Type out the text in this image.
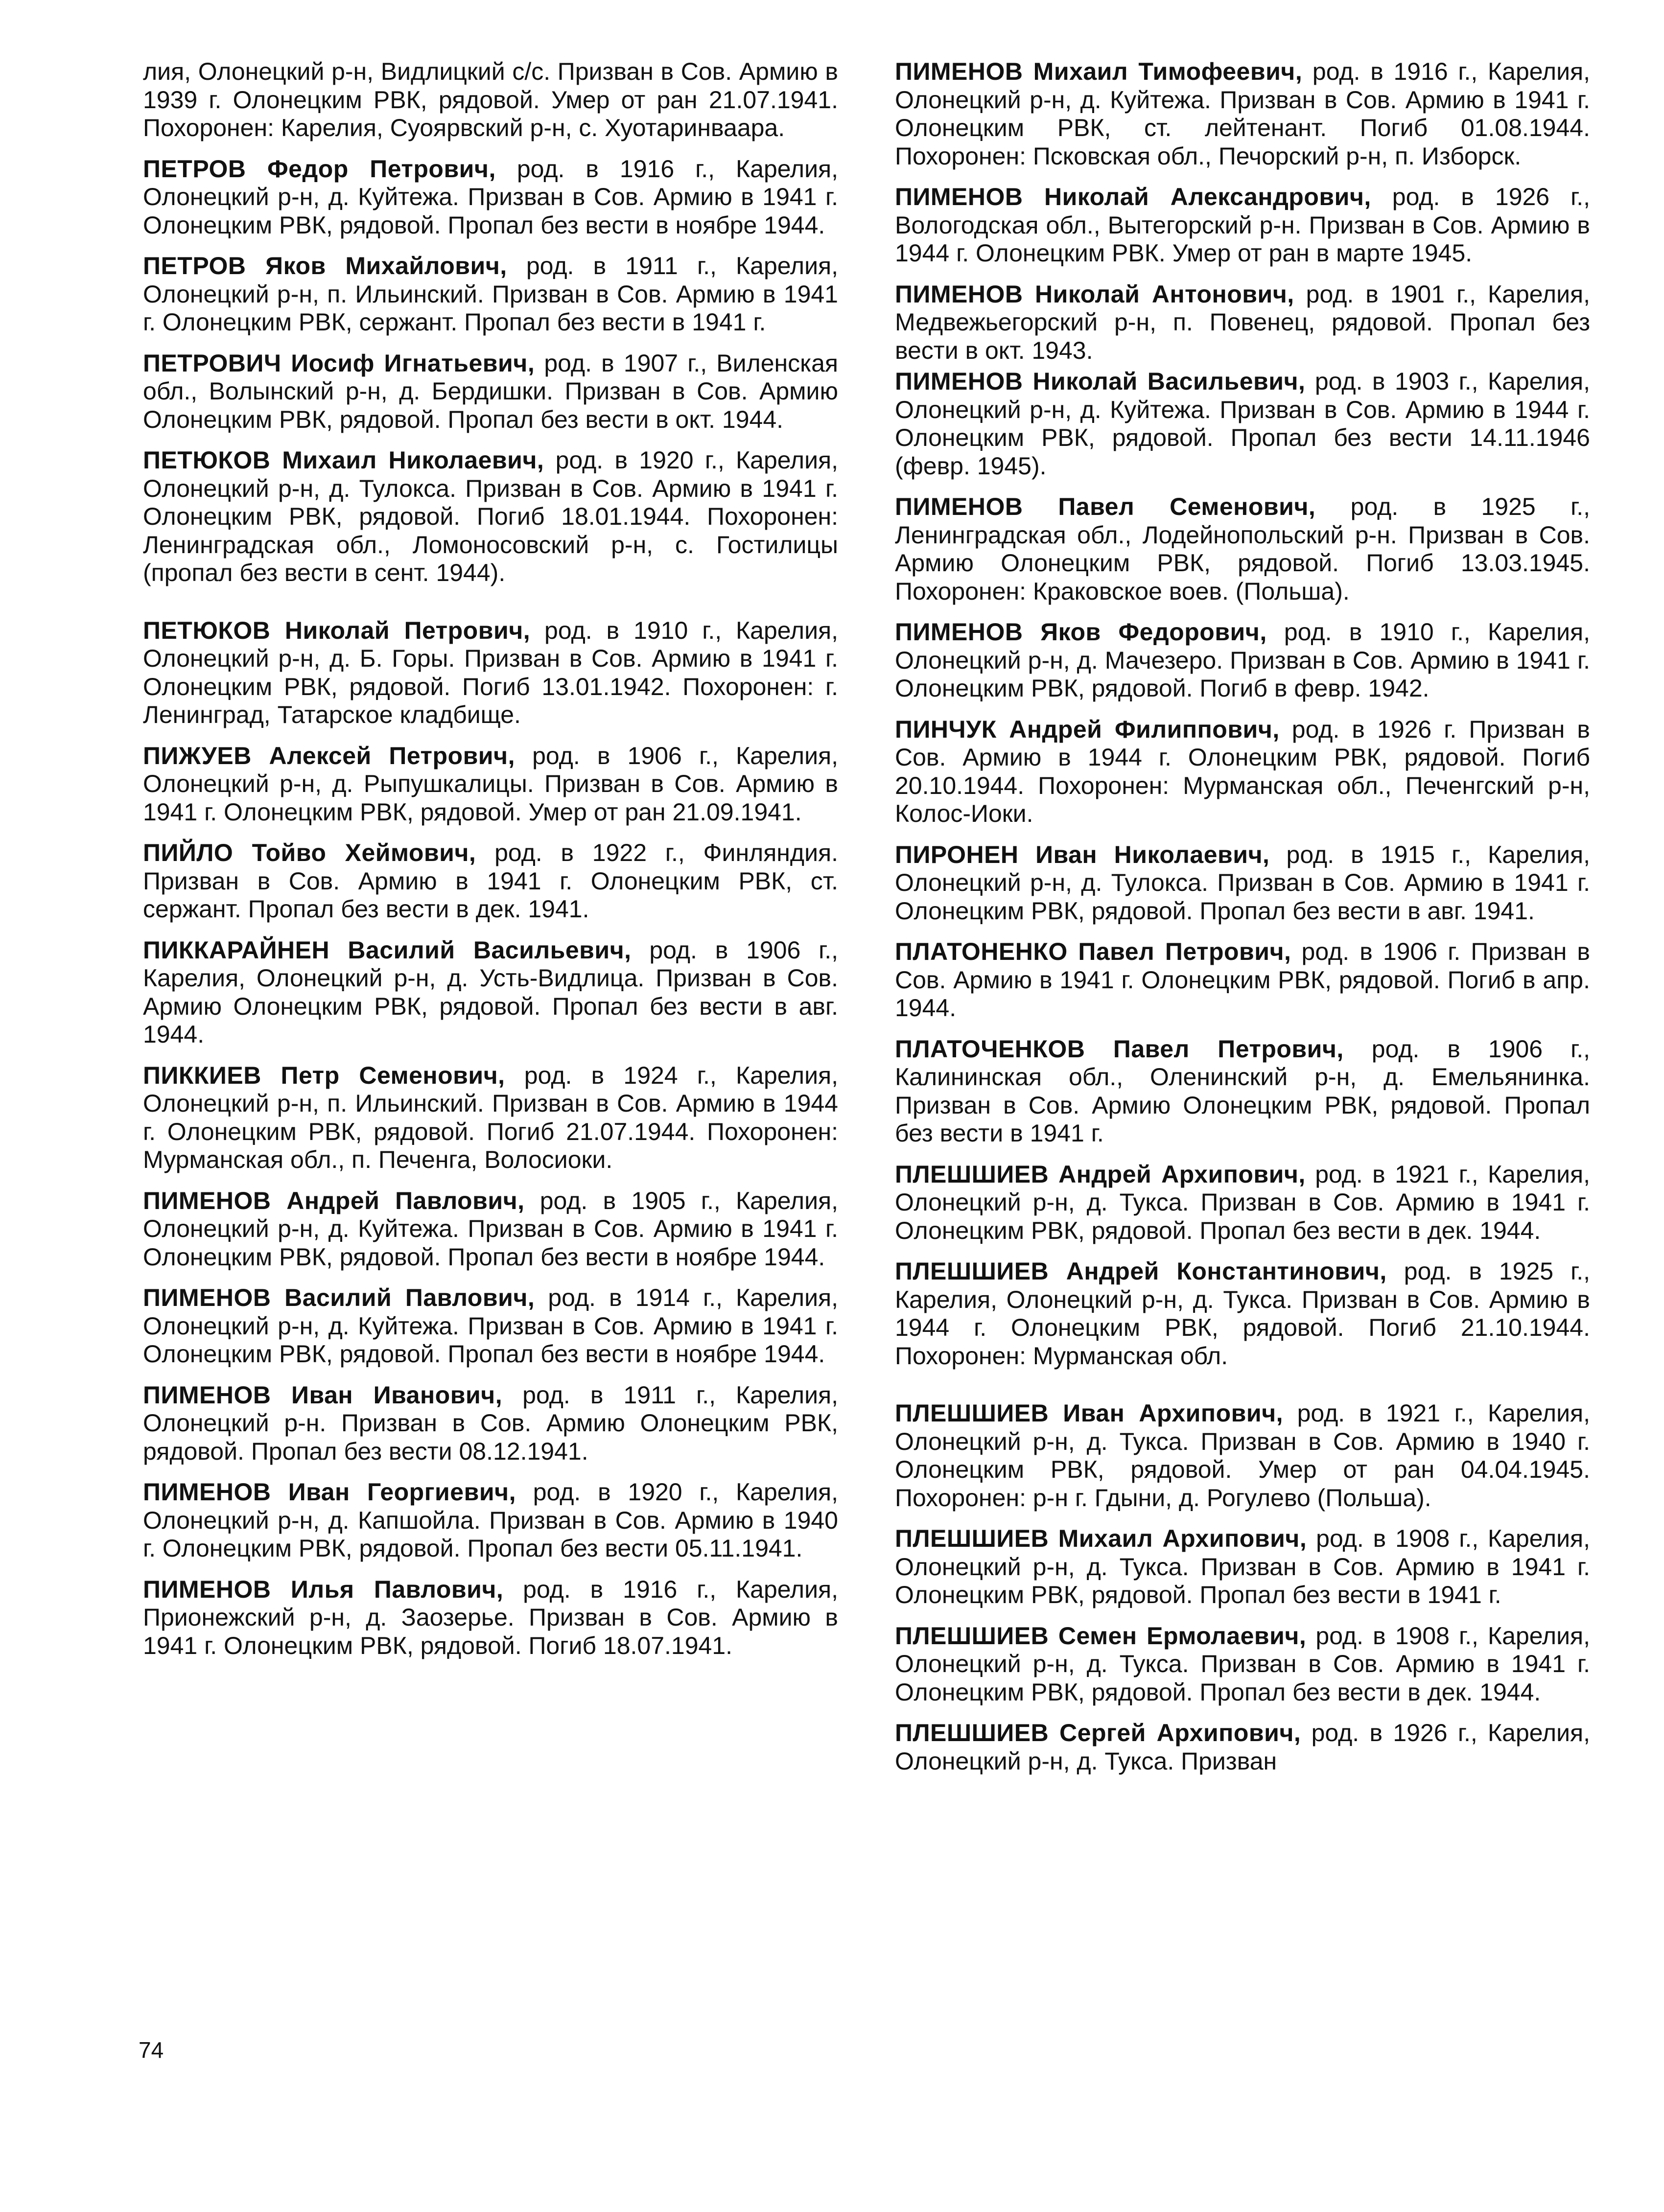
лия, Олонецкий р-н, Видлицкий с/с. Призван в Сов. Армию в 1939 г. Олонецким РВК, рядовой. Умер от ран 21.07.1941. Похоронен: Карелия, Суоярвский р-н, с. Хуотаринваара.

ПЕТРОВ Федор Петрович, род. в 1916 г., Карелия, Олонецкий р-н, д. Куйтежа. Призван в Сов. Армию в 1941 г. Олонецким РВК, рядовой. Пропал без вести в ноябре 1944.

ПЕТРОВ Яков Михайлович, род. в 1911 г., Карелия, Олонецкий р-н, п. Ильинский. Призван в Сов. Армию в 1941 г. Олонецким РВК, сержант. Пропал без вести в 1941 г.

ПЕТРОВИЧ Иосиф Игнатьевич, род. в 1907 г., Виленская обл., Волынский р-н, д. Бердишки. Призван в Сов. Армию Олонецким РВК, рядовой. Пропал без вести в окт. 1944.

ПЕТЮКОВ Михаил Николаевич, род. в 1920 г., Карелия, Олонецкий р-н, д. Тулокса. Призван в Сов. Армию в 1941 г. Олонецким РВК, рядовой. Погиб 18.01.1944. Похоронен: Ленинградская обл., Ломоносовский р-н, с. Гостилицы (пропал без вести в сент. 1944).

ПЕТЮКОВ Николай Петрович, род. в 1910 г., Карелия, Олонецкий р-н, д. Б. Горы. Призван в Сов. Армию в 1941 г. Олонецким РВК, рядовой. Погиб 13.01.1942. Похоронен: г. Ленинград, Татарское кладбище.

ПИЖУЕВ Алексей Петрович, род. в 1906 г., Карелия, Олонецкий р-н, д. Рыпушкалицы. Призван в Сов. Армию в 1941 г. Олонецким РВК, рядовой. Умер от ран 21.09.1941.

ПИЙЛО Тойво Хеймович, род. в 1922 г., Финляндия. Призван в Сов. Армию в 1941 г. Олонецким РВК, ст. сержант. Пропал без вести в дек. 1941.

ПИККАРАЙНЕН Василий Васильевич, род. в 1906 г., Карелия, Олонецкий р-н, д. Усть-Видлица. Призван в Сов. Армию Олонецким РВК, рядовой. Пропал без вести в авг. 1944.

ПИККИЕВ Петр Семенович, род. в 1924 г., Карелия, Олонецкий р-н, п. Ильинский. Призван в Сов. Армию в 1944 г. Олонецким РВК, рядовой. Погиб 21.07.1944. Похоронен: Мурманская обл., п. Печенга, Волосиоки.

ПИМЕНОВ Андрей Павлович, род. в 1905 г., Карелия, Олонецкий р-н, д. Куйтежа. Призван в Сов. Армию в 1941 г. Олонецким РВК, рядовой. Пропал без вести в ноябре 1944.

ПИМЕНОВ Василий Павлович, род. в 1914 г., Карелия, Олонецкий р-н, д. Куйтежа. Призван в Сов. Армию в 1941 г. Олонецким РВК, рядовой. Пропал без вести в ноябре 1944.

ПИМЕНОВ Иван Иванович, род. в 1911 г., Карелия, Олонецкий р-н. Призван в Сов. Армию Олонецким РВК, рядовой. Пропал без вести 08.12.1941.

ПИМЕНОВ Иван Георгиевич, род. в 1920 г., Карелия, Олонецкий р-н, д. Капшойла. Призван в Сов. Армию в 1940 г. Олонецким РВК, рядовой. Пропал без вести 05.11.1941.

ПИМЕНОВ Илья Павлович, род. в 1916 г., Карелия, Прионежский р-н, д. Заозерье. Призван в Сов. Армию в 1941 г. Олонецким РВК, рядовой. Погиб 18.07.1941.

ПИМЕНОВ Михаил Тимофеевич, род. в 1916 г., Карелия, Олонецкий р-н, д. Куйтежа. Призван в Сов. Армию в 1941 г. Олонецким РВК, ст. лейтенант. Погиб 01.08.1944. Похоронен: Псковская обл., Печорский р-н, п. Изборск.

ПИМЕНОВ Николай Александрович, род. в 1926 г., Вологодская обл., Вытегорский р-н. Призван в Сов. Армию в 1944 г. Олонецким РВК. Умер от ран в марте 1945.

ПИМЕНОВ Николай Антонович, род. в 1901 г., Карелия, Медвежьегорский р-н, п. Повенец, рядовой. Пропал без вести в окт. 1943.

ПИМЕНОВ Николай Васильевич, род. в 1903 г., Карелия, Олонецкий р-н, д. Куйтежа. Призван в Сов. Армию в 1944 г. Олонецким РВК, рядовой. Пропал без вести 14.11.1946 (февр. 1945).

ПИМЕНОВ Павел Семенович, род. в 1925 г., Ленинградская обл., Лодейнопольский р-н. Призван в Сов. Армию Олонецким РВК, рядовой. Погиб 13.03.1945. Похоронен: Краковское воев. (Польша).

ПИМЕНОВ Яков Федорович, род. в 1910 г., Карелия, Олонецкий р-н, д. Мачезеро. Призван в Сов. Армию в 1941 г. Олонецким РВК, рядовой. Погиб в февр. 1942.

ПИНЧУК Андрей Филиппович, род. в 1926 г. Призван в Сов. Армию в 1944 г. Олонецким РВК, рядовой. Погиб 20.10.1944. Похоронен: Мурманская обл., Печенгский р-н, Колос-Иоки.

ПИРОНЕН Иван Николаевич, род. в 1915 г., Карелия, Олонецкий р-н, д. Тулокса. Призван в Сов. Армию в 1941 г. Олонецким РВК, рядовой. Пропал без вести в авг. 1941.

ПЛАТОНЕНКО Павел Петрович, род. в 1906 г. Призван в Сов. Армию в 1941 г. Олонецким РВК, рядовой. Погиб в апр. 1944.

ПЛАТОЧЕНКОВ Павел Петрович, род. в 1906 г., Калининская обл., Оленинский р-н, д. Емельянинка. Призван в Сов. Армию Олонецким РВК, рядовой. Пропал без вести в 1941 г.

ПЛЕШШИЕВ Андрей Архипович, род. в 1921 г., Карелия, Олонецкий р-н, д. Тукса. Призван в Сов. Армию в 1941 г. Олонецким РВК, рядовой. Пропал без вести в дек. 1944.

ПЛЕШШИЕВ Андрей Константинович, род. в 1925 г., Карелия, Олонецкий р-н, д. Тукса. Призван в Сов. Армию в 1944 г. Олонецким РВК, рядовой. Погиб 21.10.1944. Похоронен: Мурманская обл.

ПЛЕШШИЕВ Иван Архипович, род. в 1921 г., Карелия, Олонецкий р-н, д. Тукса. Призван в Сов. Армию в 1940 г. Олонецким РВК, рядовой. Умер от ран 04.04.1945. Похоронен: р-н г. Гдыни, д. Рогулево (Польша).

ПЛЕШШИЕВ Михаил Архипович, род. в 1908 г., Карелия, Олонецкий р-н, д. Тукса. Призван в Сов. Армию в 1941 г. Олонецким РВК, рядовой. Пропал без вести в 1941 г.

ПЛЕШШИЕВ Семен Ермолаевич, род. в 1908 г., Карелия, Олонецкий р-н, д. Тукса. Призван в Сов. Армию в 1941 г. Олонецким РВК, рядовой. Пропал без вести в дек. 1944.

ПЛЕШШИЕВ Сергей Архипович, род. в 1926 г., Карелия, Олонецкий р-н, д. Тукса. Призван

74
